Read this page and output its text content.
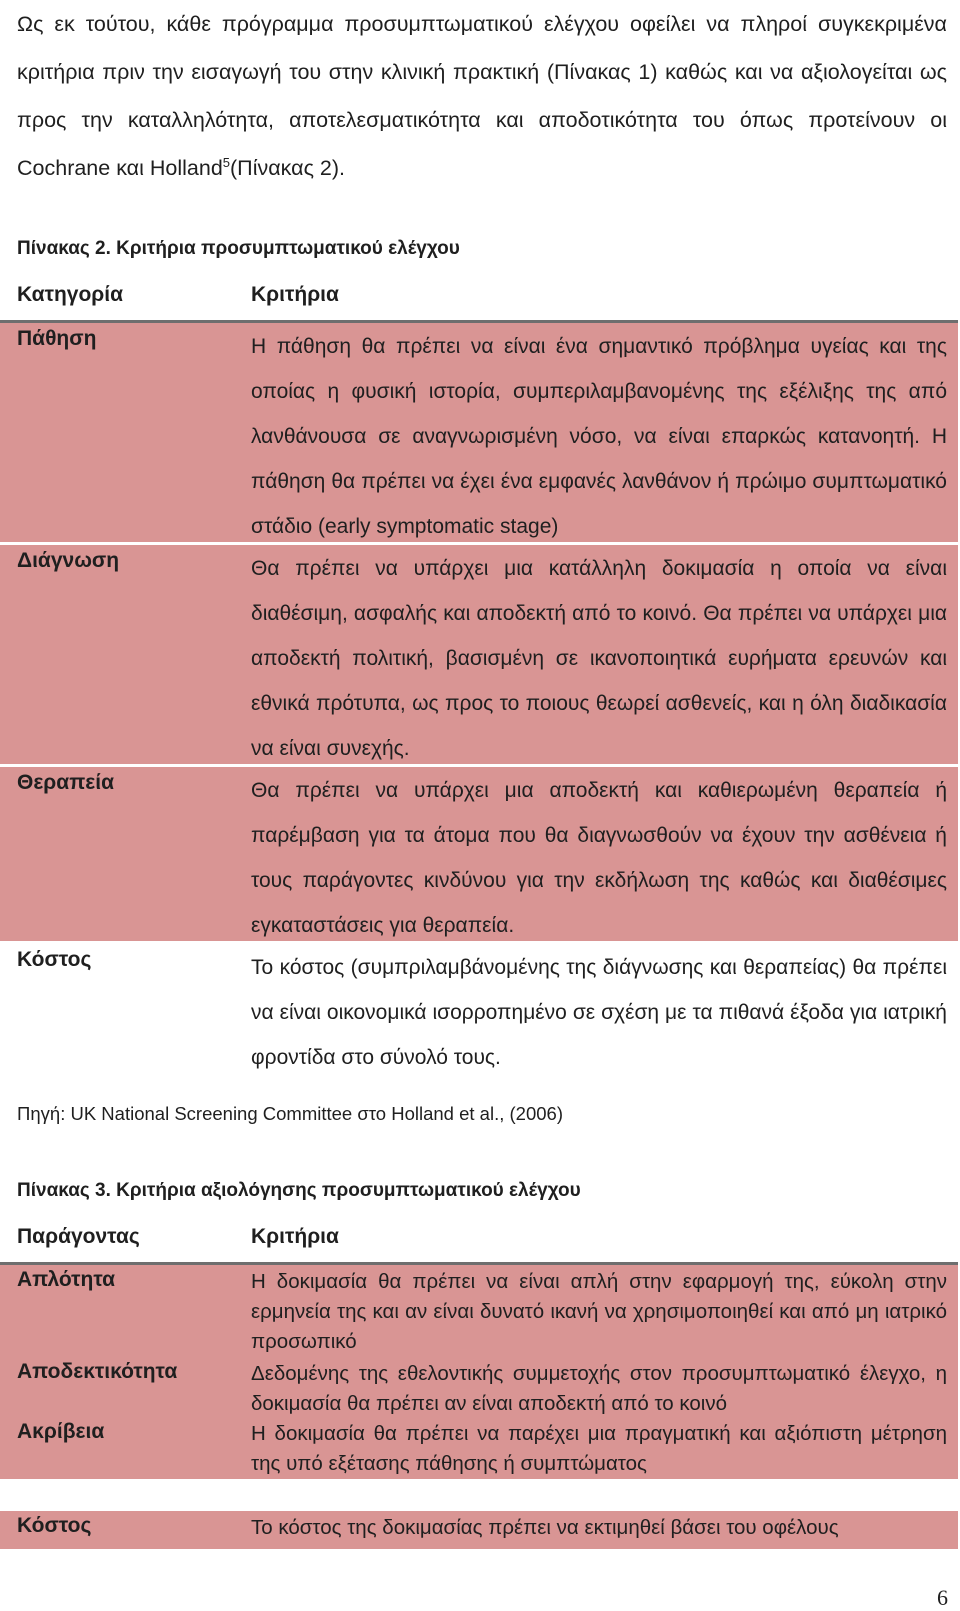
Ως εκ τούτου, κάθε πρόγραμμα προσυμπτωματικού ελέγχου οφείλει να πληροί συγκεκριμένα κριτήρια πριν την εισαγωγή του στην κλινική πρακτική (Πίνακας 1) καθώς και να αξιολογείται ως προς την καταλληλότητα, αποτελεσματικότητα και αποδοτικότητα του όπως προτείνουν οι Cochrane και Holland$^5$(Πίνακας 2).
Πίνακας 2. Κριτήρια προσυμπτωματικού ελέγχου
Κατηγορία	Κριτήρια
Πάθηση	Η πάθηση θα πρέπει να είναι ένα σημαντικό πρόβλημα υγείας και της οποίας η φυσική ιστορία, συμπεριλαμβανομένης της εξέλιξης της από λανθάνουσα σε αναγνωρισμένη νόσο, να είναι επαρκώς κατανοητή. Η πάθηση θα πρέπει να έχει ένα εμφανές λανθάνον ή πρώιμο συμπτωματικό στάδιο (early symptomatic stage)
Διάγνωση	Θα πρέπει να υπάρχει μια κατάλληλη δοκιμασία η οποία να είναι διαθέσιμη, ασφαλής και αποδεκτή από το κοινό. Θα πρέπει να υπάρχει μια αποδεκτή πολιτική, βασισμένη σε ικανοποιητικά ευρήματα ερευνών και εθνικά πρότυπα, ως προς το ποιους θεωρεί ασθενείς, και η όλη διαδικασία να είναι συνεχής.
Θεραπεία	Θα πρέπει να υπάρχει μια αποδεκτή και καθιερωμένη θεραπεία ή παρέμβαση για τα άτομα που θα διαγνωσθούν να έχουν την ασθένεια ή τους παράγοντες κινδύνου για την εκδήλωση της καθώς και διαθέσιμες εγκαταστάσεις για θεραπεία.
Κόστος	Το κόστος (συμπριλαμβάνομένης της διάγνωσης και θεραπείας) θα πρέπει να είναι οικονομικά ισορροπημένο σε σχέση με τα πιθανά έξοδα για ιατρική φροντίδα στο σύνολό τους.
Πηγή: UK National Screening Committee στο Holland et al., (2006)
Πίνακας 3. Κριτήρια αξιολόγησης προσυμπτωματικού ελέγχου
Παράγοντας	Κριτήρια
Απλότητα	Η δοκιμασία θα πρέπει να είναι απλή στην εφαρμογή της, εύκολη στην ερμηνεία της και αν είναι δυνατό ικανή να χρησιμοποιηθεί και από μη ιατρικό προσωπικό
Αποδεκτικότητα	Δεδομένης της εθελοντικής συμμετοχής στον προσυμπτωματικό έλεγχο, η δοκιμασία θα πρέπει αν είναι αποδεκτή από το κοινό
Ακρίβεια	Η δοκιμασία θα πρέπει να παρέχει μια πραγματική και αξιόπιστη μέτρηση της υπό εξέτασης πάθησης ή συμπτώματος
Κόστος	Το κόστος της δοκιμασίας πρέπει να εκτιμηθεί βάσει του οφέλους
6
